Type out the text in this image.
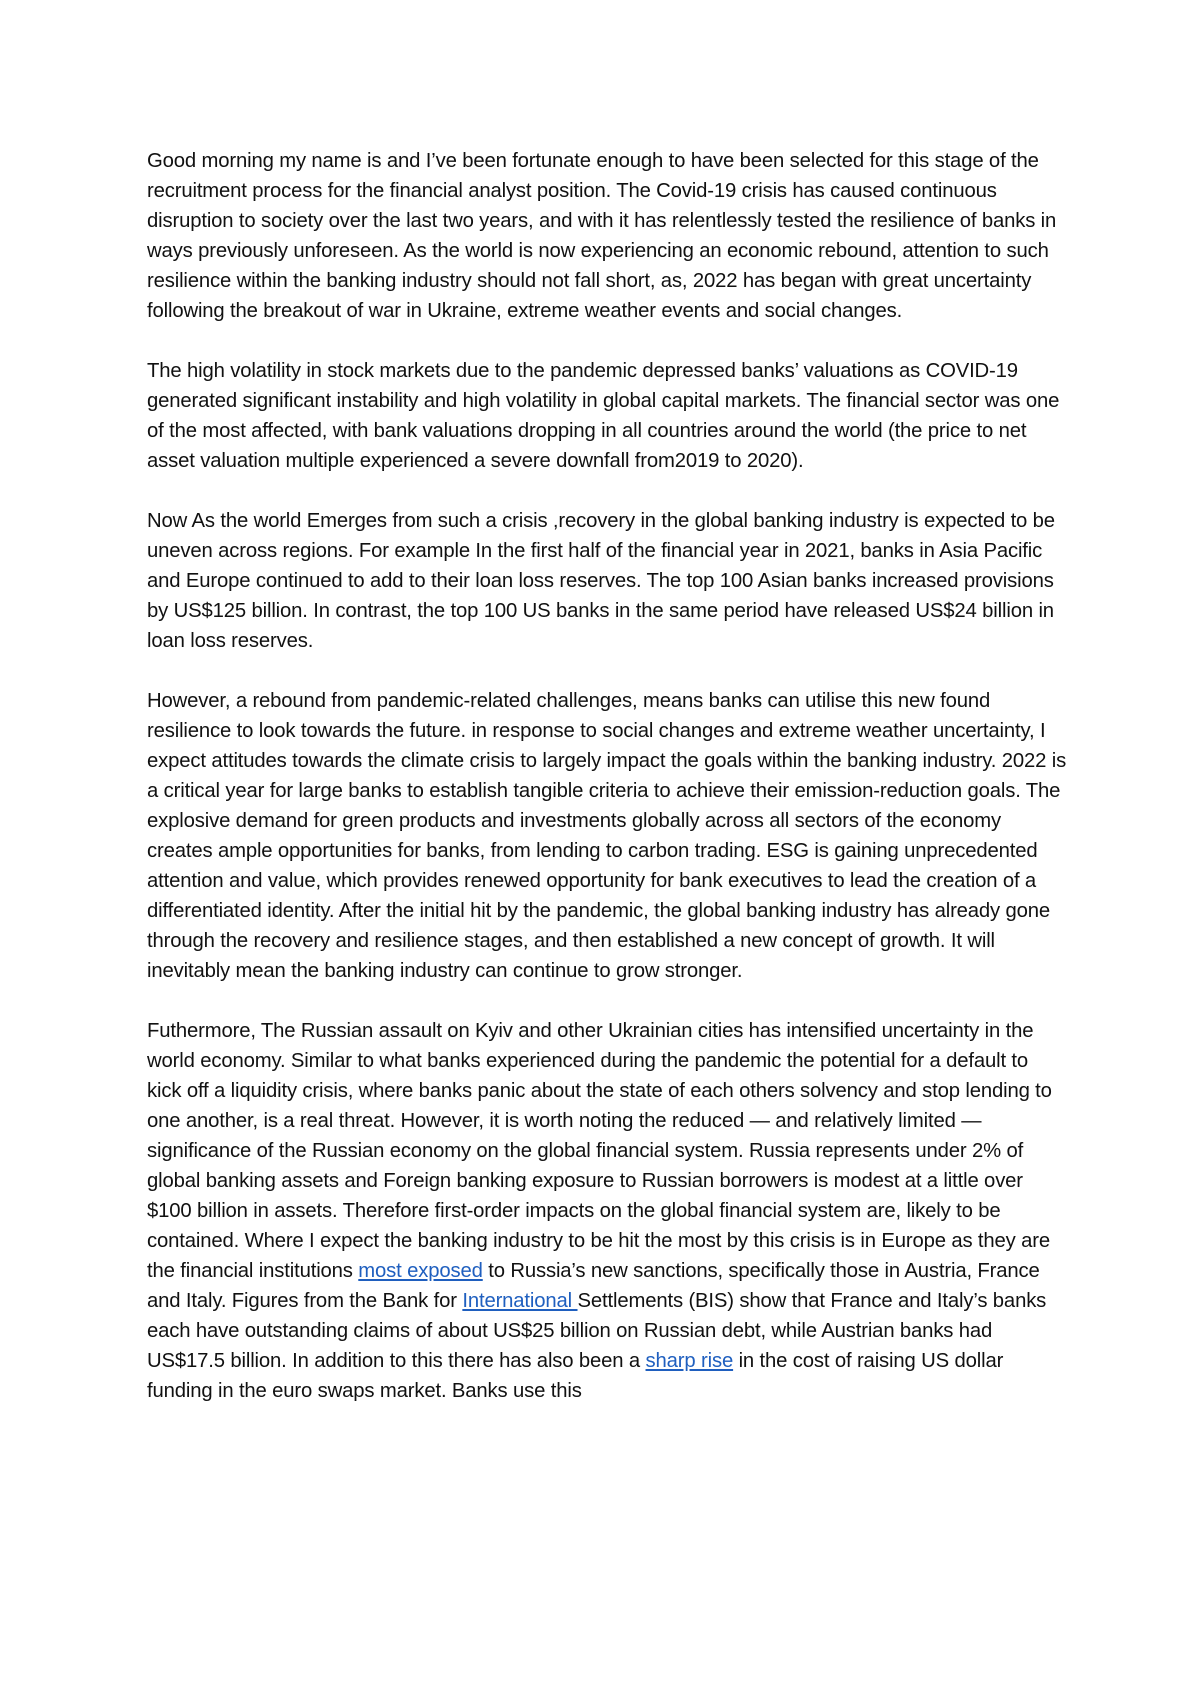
Good morning my name is and I’ve been fortunate enough to have been selected for this stage of the recruitment process for the financial analyst position. The Covid-19 crisis has caused continuous disruption to society over the last two years, and with it has relentlessly tested the resilience of banks in ways previously unforeseen. As the world is now experiencing an economic rebound, attention to such resilience within the banking industry should not fall short, as, 2022 has began with great uncertainty following the breakout of war in Ukraine, extreme weather events and social changes.

The high volatility in stock markets due to the pandemic depressed banks’ valuations as COVID-19 generated significant instability and high volatility in global capital markets. The financial sector was one of the most affected, with bank valuations dropping in all countries around the world (the price to net asset valuation multiple experienced a severe downfall from2019 to 2020).

Now As the world Emerges from such a crisis ,recovery in the global banking industry is expected to be uneven across regions. For example In the first half of the financial year in 2021, banks in Asia Pacific and Europe continued to add to their loan loss reserves. The top 100 Asian banks increased provisions by US$125 billion. In contrast, the top 100 US banks in the same period have released US$24 billion in loan loss reserves.

However, a rebound from pandemic-related challenges, means banks can utilise this new found resilience to look towards the future. in response to social changes and extreme weather uncertainty, I expect attitudes towards the climate crisis to largely impact the goals within the banking industry. 2022 is a critical year for large banks to establish tangible criteria to achieve their emission-reduction goals. The explosive demand for green products and investments globally across all sectors of the economy creates ample opportunities for banks, from lending to carbon trading. ESG is gaining unprecedented attention and value, which provides renewed opportunity for bank executives to lead the creation of a differentiated identity. After the initial hit by the pandemic, the global banking industry has already gone through the recovery and resilience stages, and then established a new concept of growth. It will inevitably mean the banking industry can continue to grow stronger.

Futhermore, The Russian assault on Kyiv and other Ukrainian cities has intensified uncertainty in the world economy. Similar to what banks experienced during the pandemic the potential for a default to kick off a liquidity crisis, where banks panic about the state of each others solvency and stop lending to one another, is a real threat. However, it is worth noting the reduced — and relatively limited — significance of the Russian economy on the global financial system. Russia represents under 2% of global banking assets and Foreign banking exposure to Russian borrowers is modest at a little over $100 billion in assets. Therefore first-order impacts on the global financial system are, likely to be contained. Where I expect the banking industry to be hit the most by this crisis is in Europe as they are the financial institutions most exposed to Russia’s new sanctions, specifically those in Austria, France and Italy. Figures from the Bank for International Settlements (BIS) show that France and Italy’s banks each have outstanding claims of about US$25 billion on Russian debt, while Austrian banks had US$17.5 billion. In addition to this there has also been a sharp rise in the cost of raising US dollar funding in the euro swaps market. Banks use this
